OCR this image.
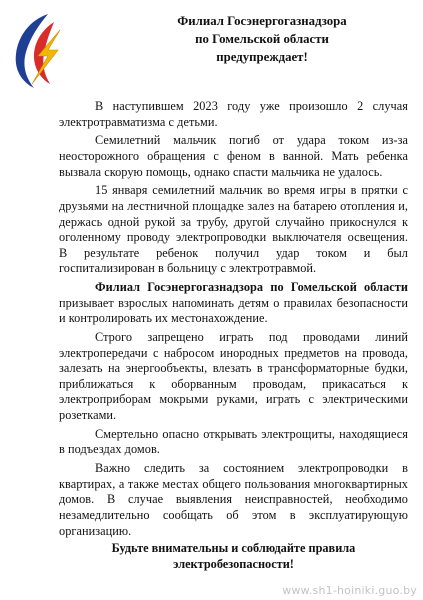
Филиал Госэнергогазнадзора
по Гомельской области
предупреждает!

В наступившем 2023 году уже произошло 2 случая электротравматизма с детьми.

Семилетний мальчик погиб от удара током из-за неосторожного обращения с феном в ванной. Мать ребенка вызвала скорую помощь, однако спасти мальчика не удалось.

15 января семилетний мальчик во время игры в прятки с друзьями на лестничной площадке залез на батарею отопления и, держась одной рукой за трубу, другой случайно прикоснулся к оголенному проводу электропроводки выключателя освещения. В результате ребенок получил удар током и был госпитализирован в больницу с электротравмой.

Филиал Госэнергогазнадзора по Гомельской области призывает взрослых напоминать детям о правилах безопасности и контролировать их местонахождение.

Строго запрещено играть под проводами линий электропередачи с набросом инородных предметов на провода, залезать на энергообъекты, влезать в трансформаторные будки, приближаться к оборванным проводам, прикасаться к электроприборам мокрыми руками, играть с электрическими розетками.

Смертельно опасно открывать электрощиты, находящиеся в подъездах домов.

Важно следить за состоянием электропроводки в квартирах, а также местах общего пользования многоквартирных домов. В случае выявления неисправностей, необходимо незамедлительно сообщать об этом в эксплуатирующую организацию.

Будьте внимательны и соблюдайте правила
электробезопасности!
www.sh1-hoiniki.guo.by
